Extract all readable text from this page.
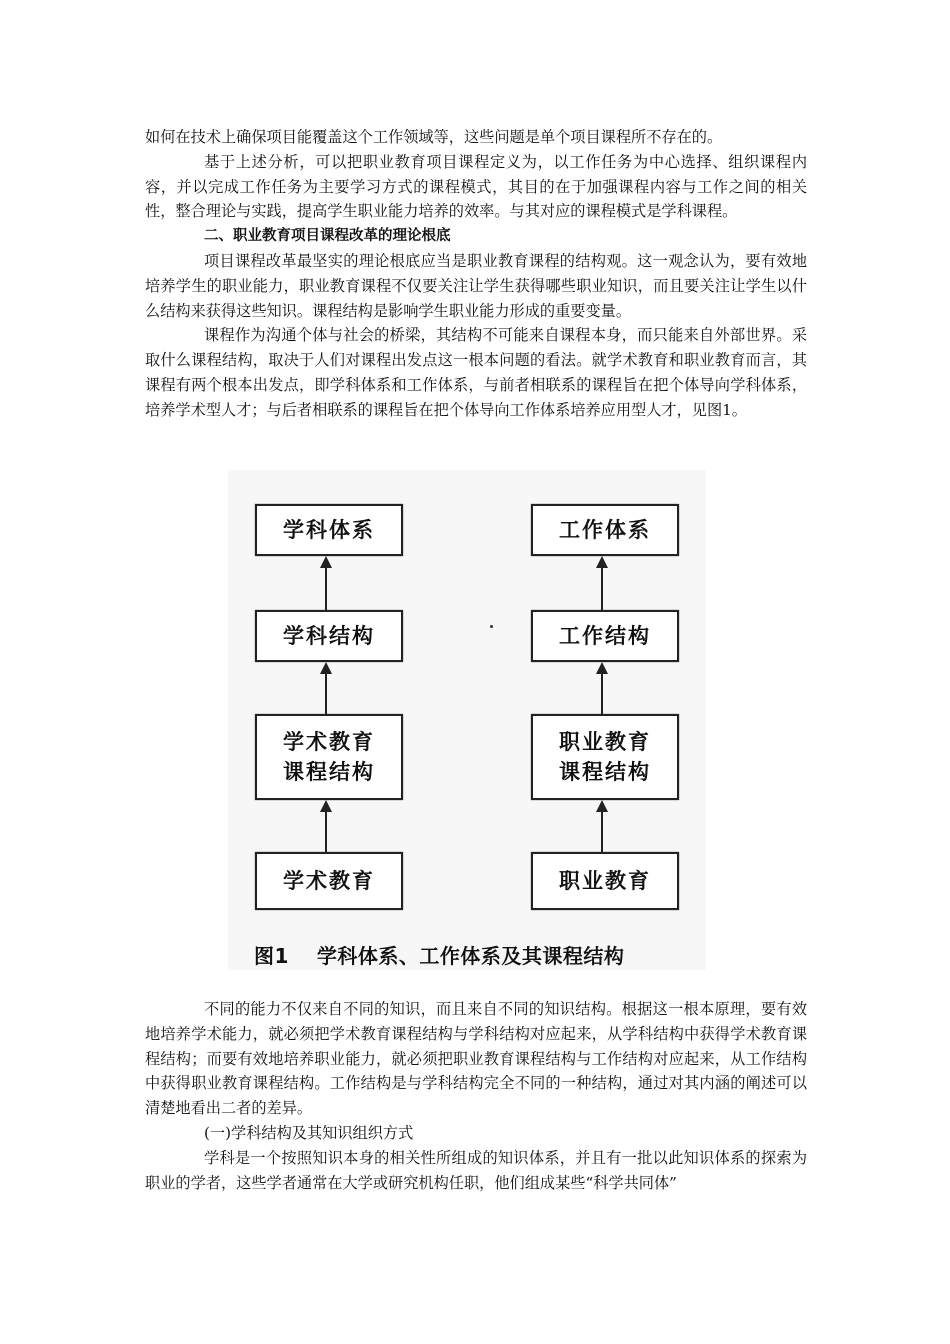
如何在技术上确保项目能覆盖这个工作领域等，这些问题是单个项目课程所不存在的。

基于上述分析，可以把职业教育项目课程定义为，以工作任务为中心选择、组织课程内容，并以完成工作任务为主要学习方式的课程模式，其目的在于加强课程内容与工作之间的相关性，整合理论与实践，提高学生职业能力培养的效率。与其对应的课程模式是学科课程。

二、职业教育项目课程改革的理论根底

项目课程改革最坚实的理论根底应当是职业教育课程的结构观。这一观念认为，要有效地培养学生的职业能力，职业教育课程不仅要关注让学生获得哪些职业知识，而且要关注让学生以什么结构来获得这些知识。课程结构是影响学生职业能力形成的重要变量。

课程作为沟通个体与社会的桥梁，其结构不可能来自课程本身，而只能来自外部世界。采取什么课程结构，取决于人们对课程出发点这一根本问题的看法。就学术教育和职业教育而言，其课程有两个根本出发点，即学科体系和工作体系，与前者相联系的课程旨在把个体导向学科体系，培养学术型人才；与后者相联系的课程旨在把个体导向工作体系培养应用型人才，见图1。

学科体系
学科结构
学术教育
课程结构
学术教育
工作体系
工作结构
职业教育
课程结构
职业教育
图1 学科体系、工作体系及其课程结构

不同的能力不仅来自不同的知识，而且来自不同的知识结构。根据这一根本原理，要有效地培养学术能力，就必须把学术教育课程结构与学科结构对应起来，从学科结构中获得学术教育课程结构；而要有效地培养职业能力，就必须把职业教育课程结构与工作结构对应起来，从工作结构中获得职业教育课程结构。工作结构是与学科结构完全不同的一种结构，通过对其内涵的阐述可以清楚地看出二者的差异。

(一)学科结构及其知识组织方式

学科是一个按照知识本身的相关性所组成的知识体系，并且有一批以此知识体系的探索为职业的学者，这些学者通常在大学或研究机构任职，他们组成某些“科学共同体”
